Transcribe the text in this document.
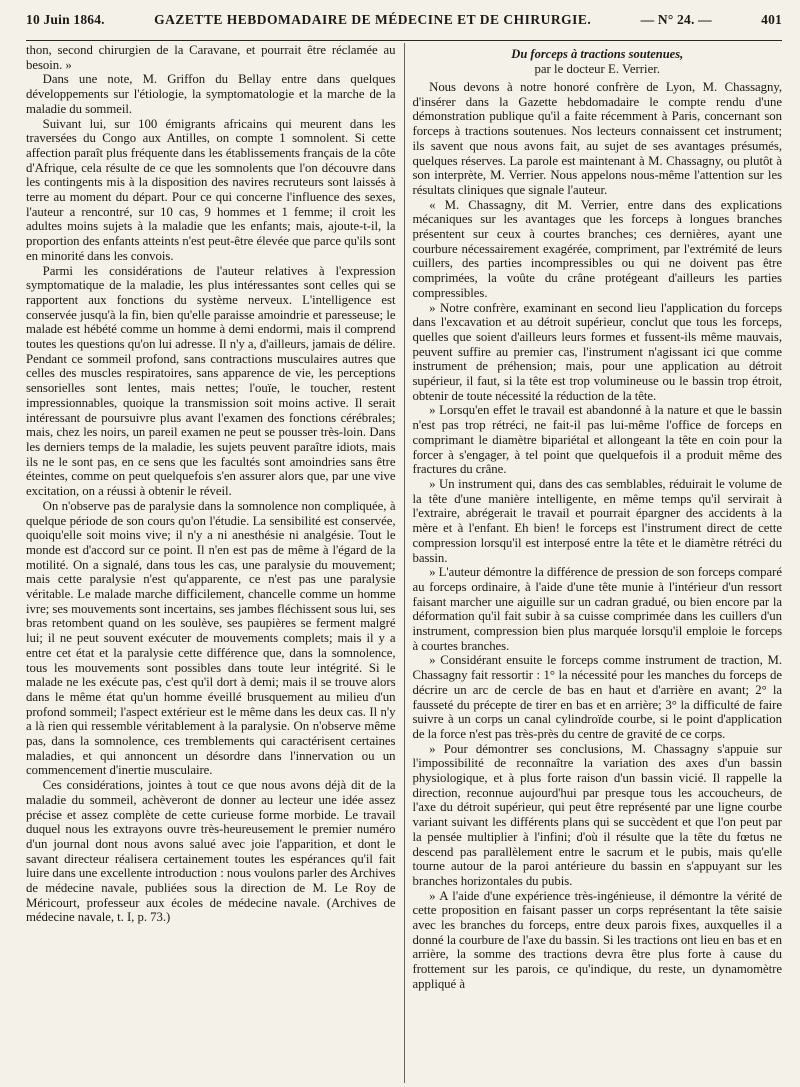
10 Juin 1864.	GAZETTE HEBDOMADAIRE DE MÉDECINE ET DE CHIRURGIE.	— N° 24. —	401

thon, second chirurgien de la Caravane, et pourrait être réclamée au besoin. »

Dans une note, M. Griffon du Bellay entre dans quelques développements sur l'étiologie, la symptomatologie et la marche de la maladie du sommeil.

Suivant lui, sur 100 émigrants africains qui meurent dans les traversées du Congo aux Antilles, on compte 1 somnolent. Si cette affection paraît plus fréquente dans les établissements français de la côte d'Afrique, cela résulte de ce que les somnolents que l'on découvre dans les contingents mis à la disposition des navires recruteurs sont laissés à terre au moment du départ. Pour ce qui concerne l'influence des sexes, l'auteur a rencontré, sur 10 cas, 9 hommes et 1 femme; il croit les adultes moins sujets à la maladie que les enfants; mais, ajoute-t-il, la proportion des enfants atteints n'est peut-être élevée que parce qu'ils sont en minorité dans les convois.

Parmi les considérations de l'auteur relatives à l'expression symptomatique de la maladie, les plus intéressantes sont celles qui se rapportent aux fonctions du système nerveux. L'intelligence est conservée jusqu'à la fin, bien qu'elle paraisse amoindrie et paresseuse; le malade est hébété comme un homme à demi endormi, mais il comprend toutes les questions qu'on lui adresse. Il n'y a, d'ailleurs, jamais de délire. Pendant ce sommeil profond, sans contractions musculaires autres que celles des muscles respiratoires, sans apparence de vie, les perceptions sensorielles sont lentes, mais nettes; l'ouïe, le toucher, restent impressionnables, quoique la transmission soit moins active. Il serait intéressant de poursuivre plus avant l'examen des fonctions cérébrales; mais, chez les noirs, un pareil examen ne peut se pousser très-loin. Dans les derniers temps de la maladie, les sujets peuvent paraître idiots, mais ils ne le sont pas, en ce sens que les facultés sont amoindries sans être éteintes, comme on peut quelquefois s'en assurer alors que, par une vive excitation, on a réussi à obtenir le réveil.

On n'observe pas de paralysie dans la somnolence non compliquée, à quelque période de son cours qu'on l'étudie. La sensibilité est conservée, quoiqu'elle soit moins vive; il n'y a ni anesthésie ni analgésie. Tout le monde est d'accord sur ce point. Il n'en est pas de même à l'égard de la motilité. On a signalé, dans tous les cas, une paralysie du mouvement; mais cette paralysie n'est qu'apparente, ce n'est pas une paralysie véritable. Le malade marche difficilement, chancelle comme un homme ivre; ses mouvements sont incertains, ses jambes fléchissent sous lui, ses bras retombent quand on les soulève, ses paupières se ferment malgré lui; il ne peut souvent exécuter de mouvements complets; mais il y a entre cet état et la paralysie cette différence que, dans la somnolence, tous les mouvements sont possibles dans toute leur intégrité. Si le malade ne les exécute pas, c'est qu'il dort à demi; mais il se trouve alors dans le même état qu'un homme éveillé brusquement au milieu d'un profond sommeil; l'aspect extérieur est le même dans les deux cas. Il n'y a là rien qui ressemble véritablement à la paralysie. On n'observe même pas, dans la somnolence, ces tremblements qui caractérisent certaines maladies, et qui annoncent un désordre dans l'innervation ou un commencement d'inertie musculaire.

Ces considérations, jointes à tout ce que nous avons déjà dit de la maladie du sommeil, achèveront de donner au lecteur une idée assez précise et assez complète de cette curieuse forme morbide. Le travail duquel nous les extrayons ouvre très-heureusement le premier numéro d'un journal dont nous avons salué avec joie l'apparition, et dont le savant directeur réalisera certainement toutes les espérances qu'il fait luire dans une excellente introduction : nous voulons parler des Archives de médecine navale, publiées sous la direction de M. Le Roy de Méricourt, professeur aux écoles de médecine navale. (Archives de médecine navale, t. I, p. 73.)

Du forceps à tractions soutenues,
par le docteur E. Verrier.

Nous devons à notre honoré confrère de Lyon, M. Chassagny, d'insérer dans la Gazette hebdomadaire le compte rendu d'une démonstration publique qu'il a faite récemment à Paris, concernant son forceps à tractions soutenues. Nos lecteurs connaissent cet instrument; ils savent que nous avons fait, au sujet de ses avantages présumés, quelques réserves. La parole est maintenant à M. Chassagny, ou plutôt à son interprète, M. Verrier. Nous appelons nous-même l'attention sur les résultats cliniques que signale l'auteur.

« M. Chassagny, dit M. Verrier, entre dans des explications mécaniques sur les avantages que les forceps à longues branches présentent sur ceux à courtes branches; ces dernières, ayant une courbure nécessairement exagérée, compriment, par l'extrémité de leurs cuillers, des parties incompressibles ou qui ne doivent pas être comprimées, la voûte du crâne protégeant d'ailleurs les parties compressibles.

» Notre confrère, examinant en second lieu l'application du forceps dans l'excavation et au détroit supérieur, conclut que tous les forceps, quelles que soient d'ailleurs leurs formes et fussent-ils même mauvais, peuvent suffire au premier cas, l'instrument n'agissant ici que comme instrument de préhension; mais, pour une application au détroit supérieur, il faut, si la tête est trop volumineuse ou le bassin trop étroit, obtenir de toute nécessité la réduction de la tête.

» Lorsqu'en effet le travail est abandonné à la nature et que le bassin n'est pas trop rétréci, ne fait-il pas lui-même l'office de forceps en comprimant le diamètre bipariétal et allongeant la tête en coin pour la forcer à s'engager, à tel point que quelquefois il a produit même des fractures du crâne.

» Un instrument qui, dans des cas semblables, réduirait le volume de la tête d'une manière intelligente, en même temps qu'il servirait à l'extraire, abrégerait le travail et pourrait épargner des accidents à la mère et à l'enfant. Eh bien! le forceps est l'instrument direct de cette compression lorsqu'il est interposé entre la tête et le diamètre rétréci du bassin.

» L'auteur démontre la différence de pression de son forceps comparé au forceps ordinaire, à l'aide d'une tête munie à l'intérieur d'un ressort faisant marcher une aiguille sur un cadran gradué, ou bien encore par la déformation qu'il fait subir à sa cuisse comprimée dans les cuillers d'un instrument, compression bien plus marquée lorsqu'il emploie le forceps à courtes branches.

» Considérant ensuite le forceps comme instrument de traction, M. Chassagny fait ressortir : 1° la nécessité pour les manches du forceps de décrire un arc de cercle de bas en haut et d'arrière en avant; 2° la fausseté du précepte de tirer en bas et en arrière; 3° la difficulté de faire suivre à un corps un canal cylindroïde courbe, si le point d'application de la force n'est pas très-près du centre de gravité de ce corps.

» Pour démontrer ses conclusions, M. Chassagny s'appuie sur l'impossibilité de reconnaître la variation des axes d'un bassin physiologique, et à plus forte raison d'un bassin vicié. Il rappelle la direction, reconnue aujourd'hui par presque tous les accoucheurs, de l'axe du détroit supérieur, qui peut être représenté par une ligne courbe variant suivant les différents plans qui se succèdent et que l'on peut par la pensée multiplier à l'infini; d'où il résulte que la tête du fœtus ne descend pas parallèlement entre le sacrum et le pubis, mais qu'elle tourne autour de la paroi antérieure du bassin en s'appuyant sur les branches horizontales du pubis.

» A l'aide d'une expérience très-ingénieuse, il démontre la vérité de cette proposition en faisant passer un corps représentant la tête saisie avec les branches du forceps, entre deux parois fixes, auxquelles il a donné la courbure de l'axe du bassin. Si les tractions ont lieu en bas et en arrière, la somme des tractions devra être plus forte à cause du frottement sur les parois, ce qu'indique, du reste, un dynamomètre appliqué à
